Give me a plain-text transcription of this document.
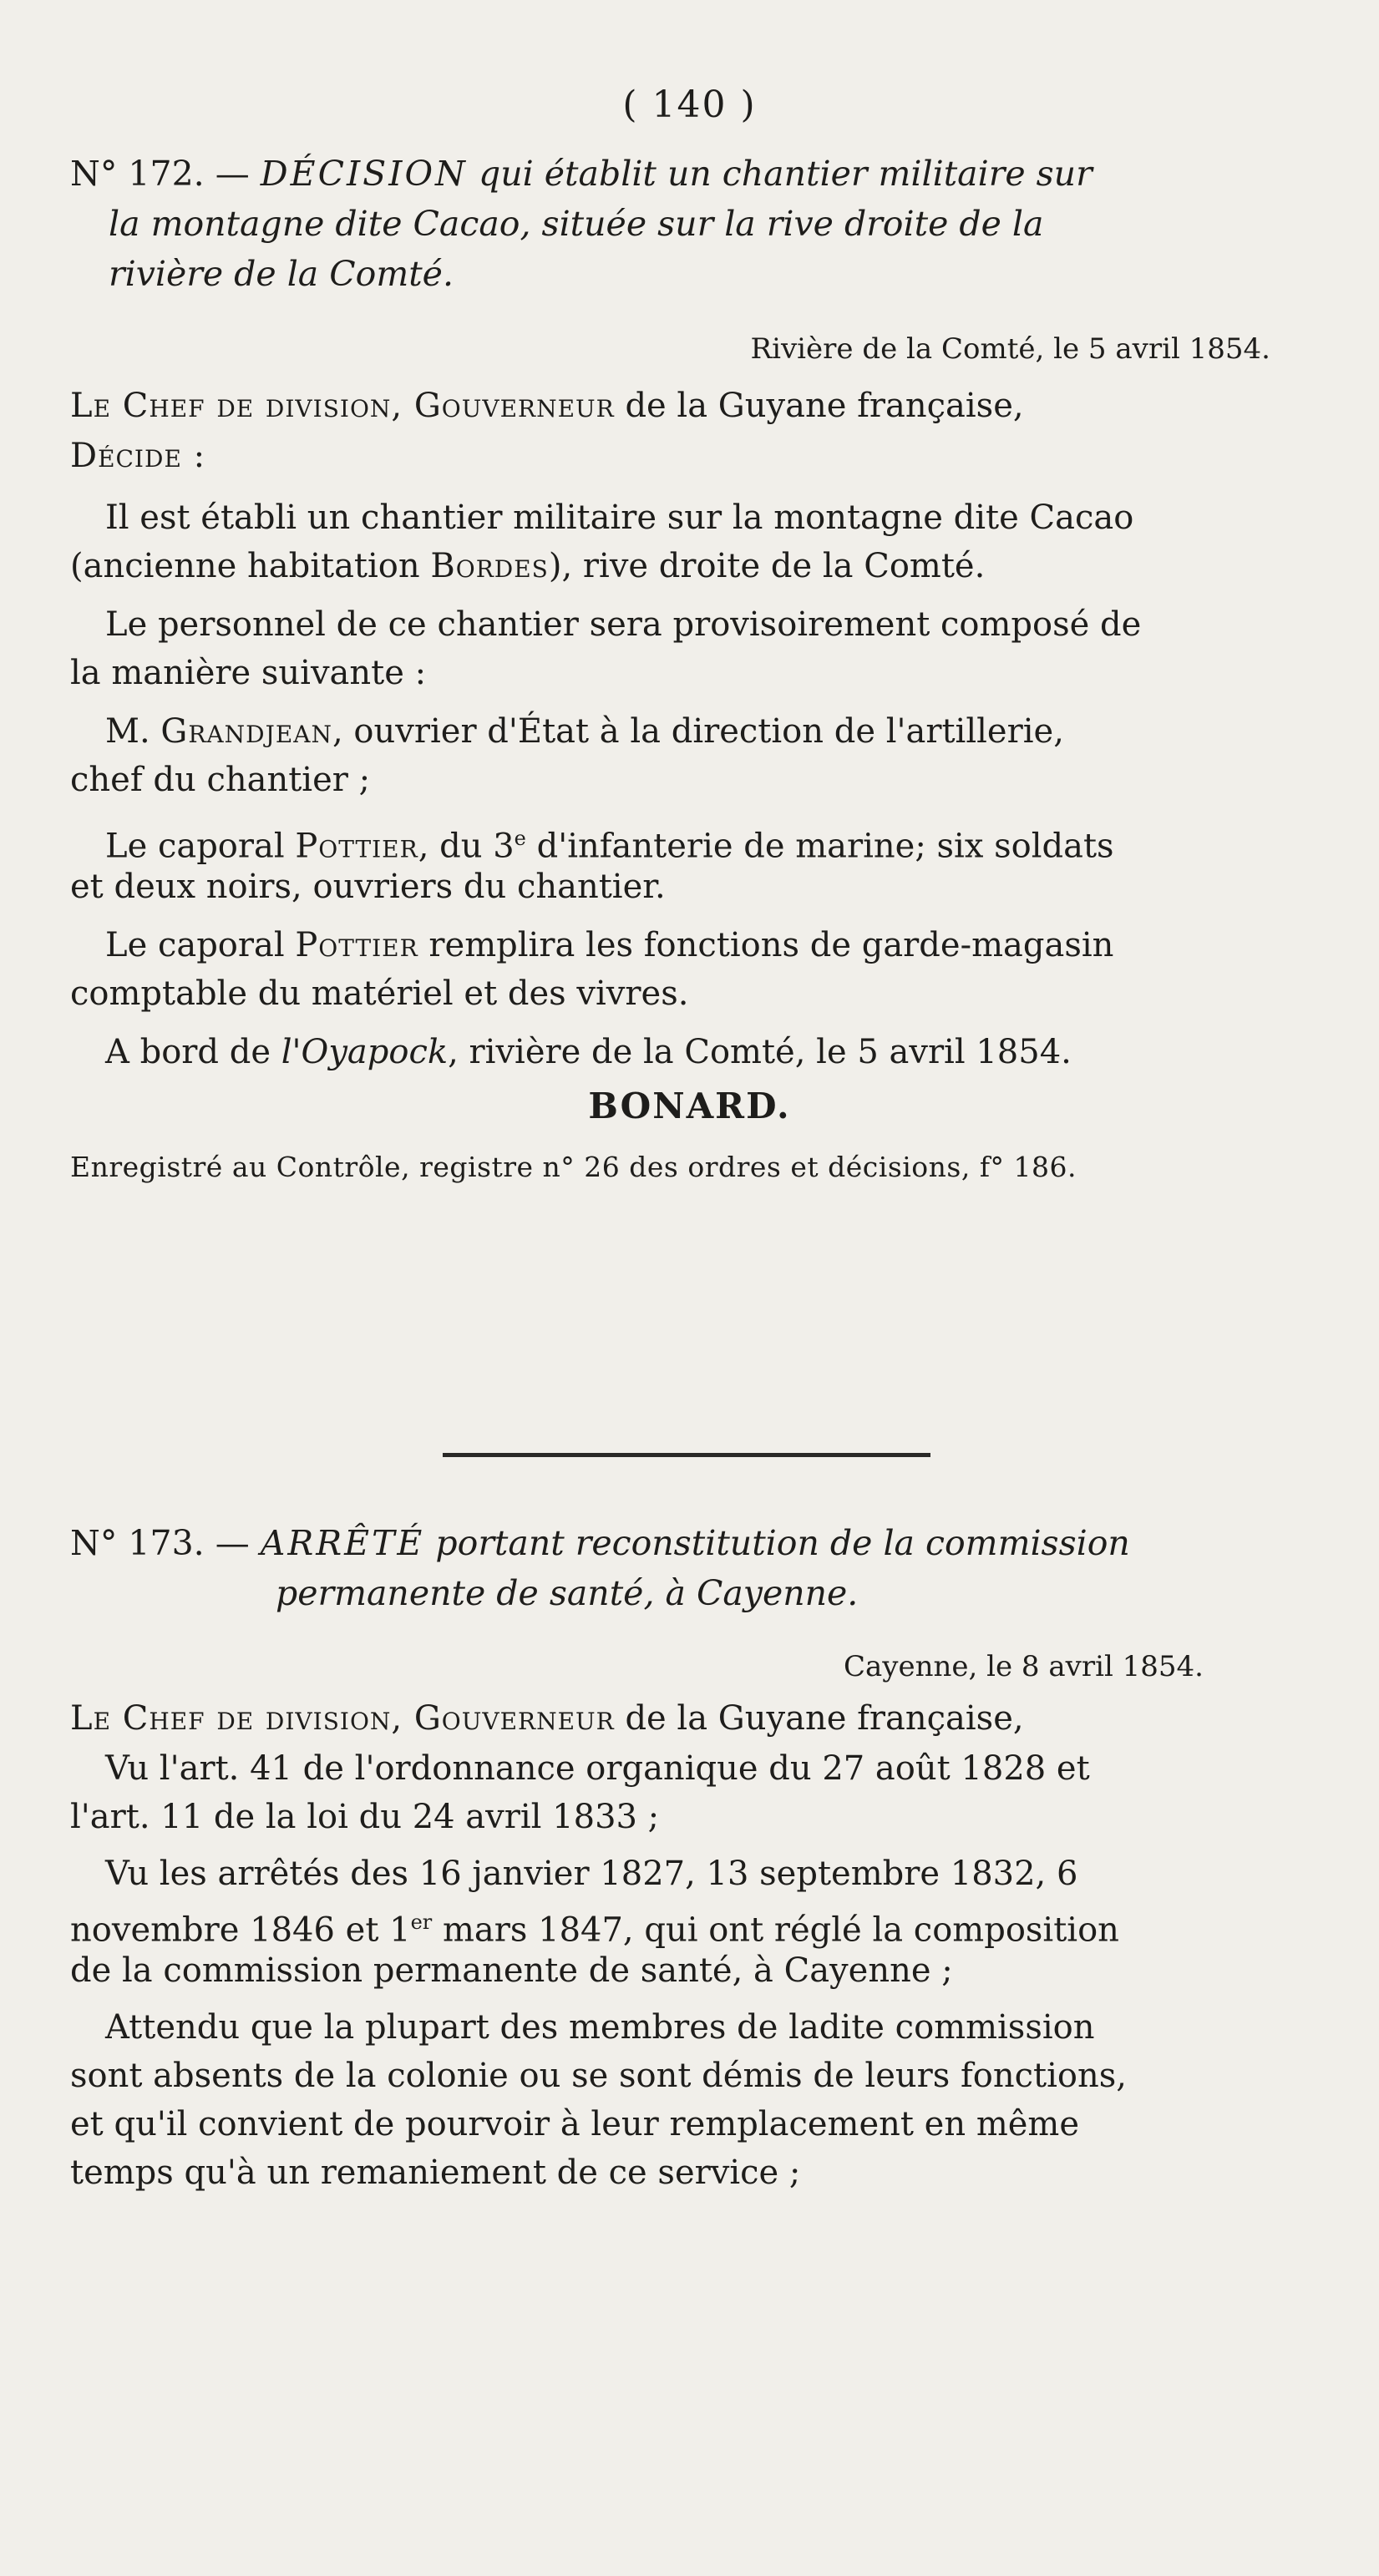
( 140 )

N° 172. — DÉCISION qui établit un chantier militaire sur
la montagne dite Cacao, située sur la rive droite de la
rivière de la Comté.
Rivière de la Comté, le 5 avril 1854.
Le Chef de division, Gouverneur de la Guyane française,
Décide :
Il est établi un chantier militaire sur la montagne dite Cacao
(ancienne habitation Bordes), rive droite de la Comté.
Le personnel de ce chantier sera provisoirement composé de
la manière suivante :
M. Grandjean, ouvrier d'État à la direction de l'artillerie,
chef du chantier ;
Le caporal Pottier, du 3e d'infanterie de marine; six soldats
et deux noirs, ouvriers du chantier.
Le caporal Pottier remplira les fonctions de garde-magasin
comptable du matériel et des vivres.
A bord de l'Oyapock, rivière de la Comté, le 5 avril 1854.
BONARD.
Enregistré au Contrôle, registre n° 26 des ordres et décisions, f° 186.
N° 173. — ARRÊTÉ portant reconstitution de la commission
permanente de santé, à Cayenne.
Cayenne, le 8 avril 1854.
Le Chef de division, Gouverneur de la Guyane française,
Vu l'art. 41 de l'ordonnance organique du 27 août 1828 et
l'art. 11 de la loi du 24 avril 1833 ;
Vu les arrêtés des 16 janvier 1827, 13 septembre 1832, 6
novembre 1846 et 1er mars 1847, qui ont réglé la composition
de la commission permanente de santé, à Cayenne ;
Attendu que la plupart des membres de ladite commission
sont absents de la colonie ou se sont démis de leurs fonctions,
et qu'il convient de pourvoir à leur remplacement en même
temps qu'à un remaniement de ce service ;
